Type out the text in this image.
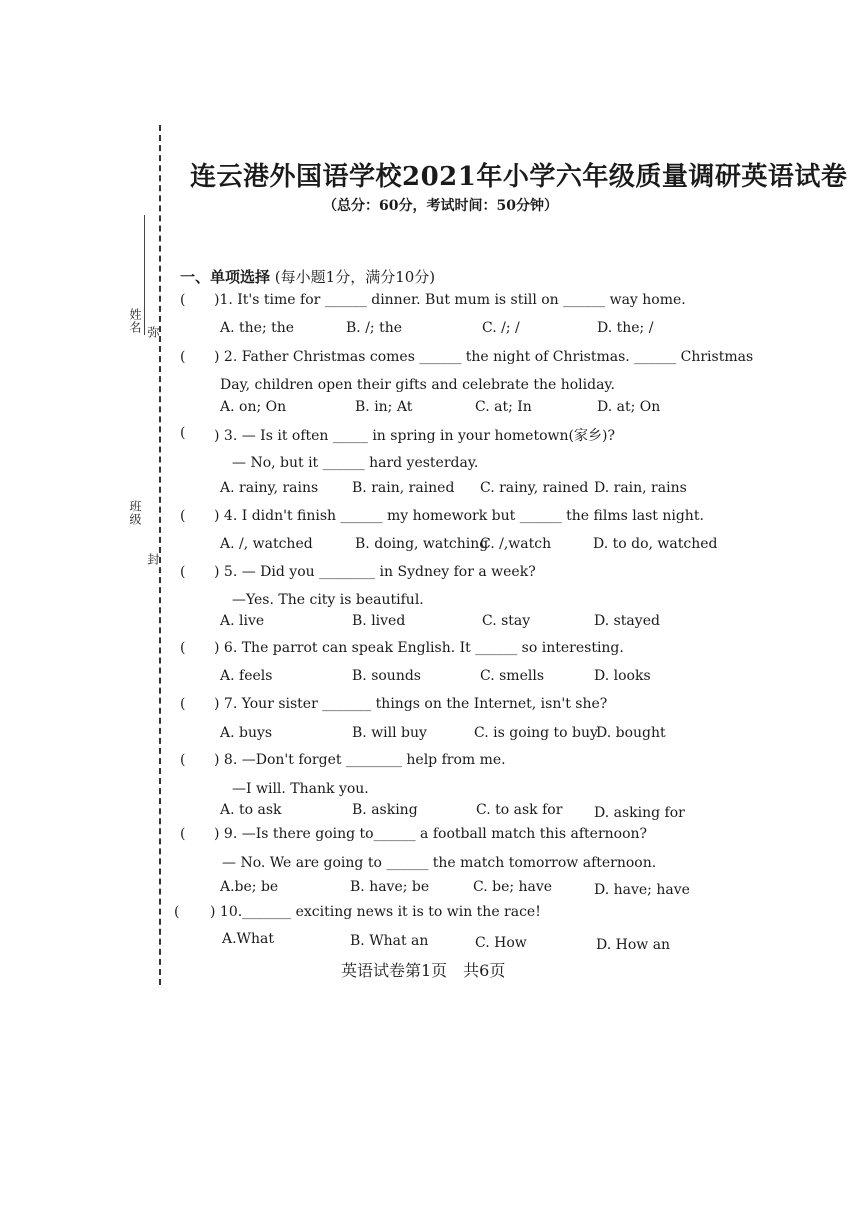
姓名 弥
班级
封
连云港外国语学校2021年小学六年级质量调研英语试卷
（总分：60分，考试时间：50分钟）
一、单项选择 (每小题1分，满分10分)
( )1. It's time for ______ dinner. But mum is still on ______ way home.
A. the; the	B. /; the	C. /; /	D. the; /
( ) 2. Father Christmas comes ______ the night of Christmas. ______ Christmas
Day, children open their gifts and celebrate the holiday.
A. on; On	B. in; At	C. at; In	D. at; On
( ) 3. — Is it often _____ in spring in your hometown(家乡)?
— No, but it ______ hard yesterday.
A. rainy, rains B. rain, rained C. rainy, rained D. rain, rains
( ) 4. I didn't finish ______ my homework but ______ the films last night.
A. /, watched	B. doing, watching
C. /,watch	D. to do, watched
( ) 5. — Did you ________ in Sydney for a week?
—Yes. The city is beautiful.
A. live	B. lived	C. stay	D. stayed
( ) 6. The parrot can speak English. It ______ so interesting.
A. feels	B. sounds	C. smells	D. looks
( ) 7. Your sister _______ things on the Internet, isn't she?
A. buys	B. will buy	C. is going to buy
D. bought
( ) 8. —Don't forget ________ help from me.
—I will. Thank you.
A. to ask	B. asking	C. to ask for D. asking for
( ) 9. —Is there going to______ a football match this afternoon?
— No. We are going to ______ the match tomorrow afternoon.
A.be; be	B. have; be	C. be; have	D. have; have
( ) 10._______ exciting news it is to win the race!
A.What	B. What an	C. How	D. How an
英语试卷第1页　共6页
